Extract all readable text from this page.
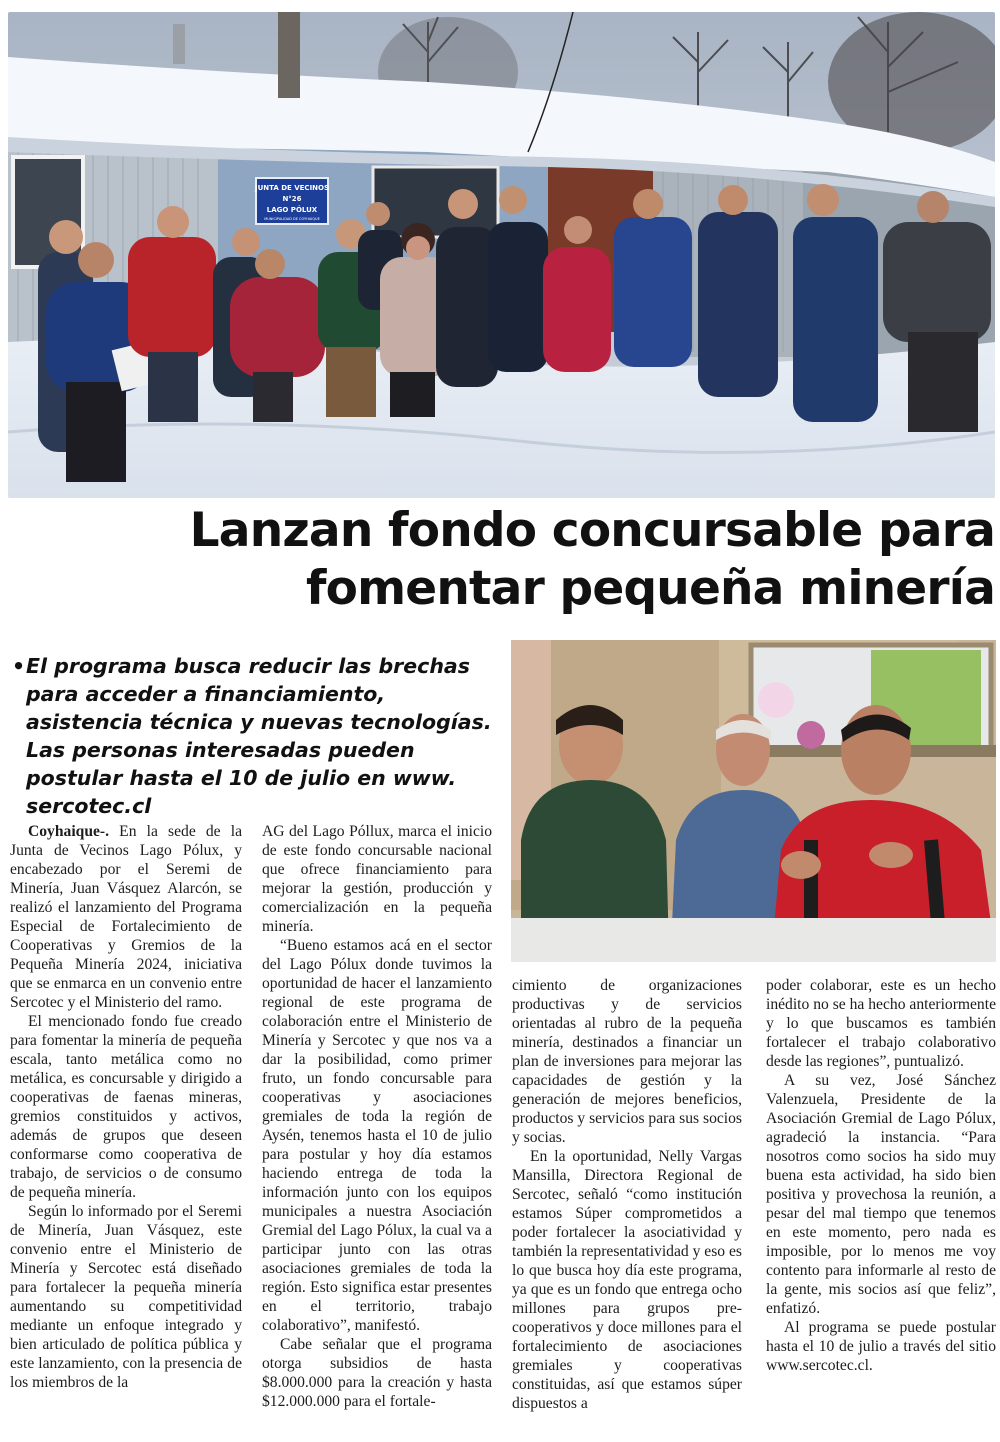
JUNTA DE VECINOS
N°26
LAGO PÓLUX
MUNICIPALIDAD DE COYHAIQUE
Lanzan fondo concursable para
fomentar pequeña minería
• El programa busca reducir las brechas para acceder a financiamiento, asistencia técnica y nuevas tecnologías. Las personas interesadas pueden postular hasta el 10 de julio en www. sercotec.cl

Coyhaique-. En la sede de la Junta de Vecinos Lago Pólux, y encabezado por el Seremi de Minería, Juan Vásquez Alarcón, se realizó el lanzamiento del Programa Especial de Fortalecimiento de Cooperativas y Gremios de la Pequeña Minería 2024, iniciativa que se enmarca en un convenio entre Sercotec y el Ministerio del ramo.

El mencionado fondo fue creado para fomentar la minería de pequeña escala, tanto metálica como no metálica, es concursable y dirigido a cooperativas de faenas mineras, gremios constituidos y activos, además de grupos que deseen conformarse como cooperativa de trabajo, de servicios o de consumo de pequeña minería.

Según lo informado por el Seremi de Minería, Juan Vásquez, este convenio entre el Ministerio de Minería y Sercotec está diseñado para fortalecer la pequeña minería aumentando su competitividad mediante un enfoque integrado y bien articulado de política pública y este lanzamiento, con la presencia de los miembros de la

AG del Lago Póllux, marca el inicio de este fondo concursable nacional que ofrece financiamiento para mejorar la gestión, producción y comercialización en la pequeña minería.

“Bueno estamos acá en el sector del Lago Pólux donde tuvimos la oportunidad de hacer el lanzamiento regional de este programa de colaboración entre el Ministerio de Minería y Sercotec y que nos va a dar la posibilidad, como primer fruto, un fondo concursable para cooperativas y asociaciones gremiales de toda la región de Aysén, tenemos hasta el 10 de julio para postular y hoy día estamos haciendo entrega de toda la información junto con los equipos municipales a nuestra Asociación Gremial del Lago Pólux, la cual va a participar junto con las otras asociaciones gremiales de toda la región. Esto significa estar presentes en el territorio, trabajo colaborativo”, manifestó.

Cabe señalar que el programa otorga subsidios de hasta $8.000.000 para la creación y hasta $12.000.000 para el fortale-

cimiento de organizaciones productivas y de servicios orientadas al rubro de la pequeña minería, destinados a financiar un plan de inversiones para mejorar las capacidades de gestión y la generación de mejores beneficios, productos y servicios para sus socios y socias.

En la oportunidad, Nelly Vargas Mansilla, Directora Regional de Sercotec, señaló “como institución estamos Súper comprometidos a poder fortalecer la asociatividad y también la representatividad y eso es lo que busca hoy día este programa, ya que es un fondo que entrega ocho millones para grupos pre-cooperativos y doce millones para el fortalecimiento de asociaciones gremiales y cooperativas constituidas, así que estamos súper dispuestos a

poder colaborar, este es un hecho inédito no se ha hecho anteriormente y lo que buscamos es también fortalecer el trabajo colaborativo desde las regiones”, puntualizó.

A su vez, José Sánchez Valenzuela, Presidente de la Asociación Gremial de Lago Pólux, agradeció la instancia. “Para nosotros como socios ha sido muy buena esta actividad, ha sido bien positiva y provechosa la reunión, a pesar del mal tiempo que tenemos en este momento, pero nada es imposible, por lo menos me voy contento para informarle al resto de la gente, mis socios así que feliz”, enfatizó.

Al programa se puede postular hasta el 10 de julio a través del sitio www.sercotec.cl.
